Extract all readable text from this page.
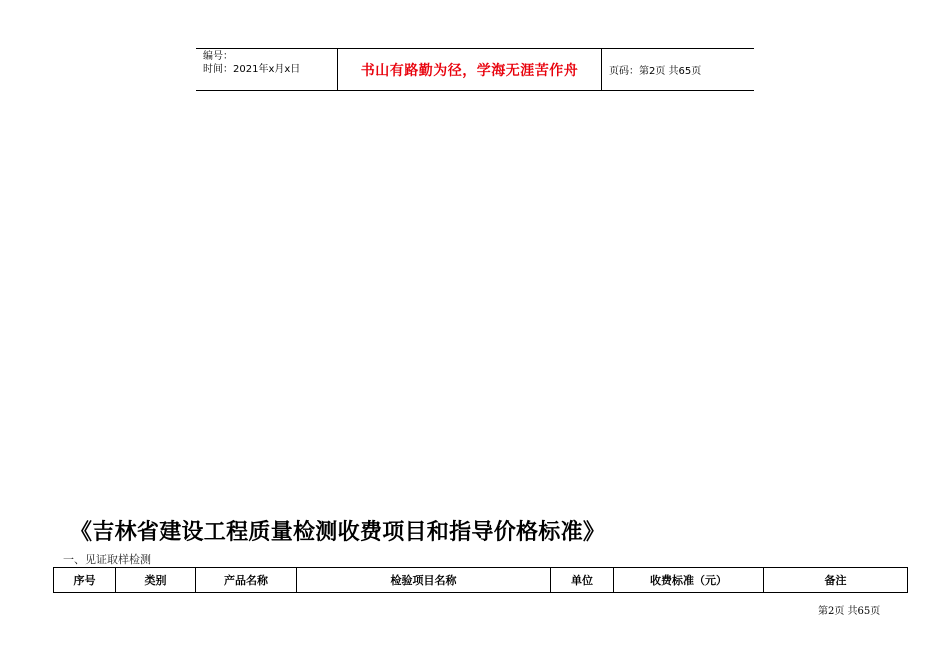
编号：
时间：2021年x月x日	书山有路勤为径，学海无涯苦作舟	页码：第2页 共65页
《吉林省建设工程质量检测收费项目和指导价格标准》
一、见证取样检测
序号	类别	产品名称	检验项目名称	单位	收费标准（元）	备注
第2页 共65页
